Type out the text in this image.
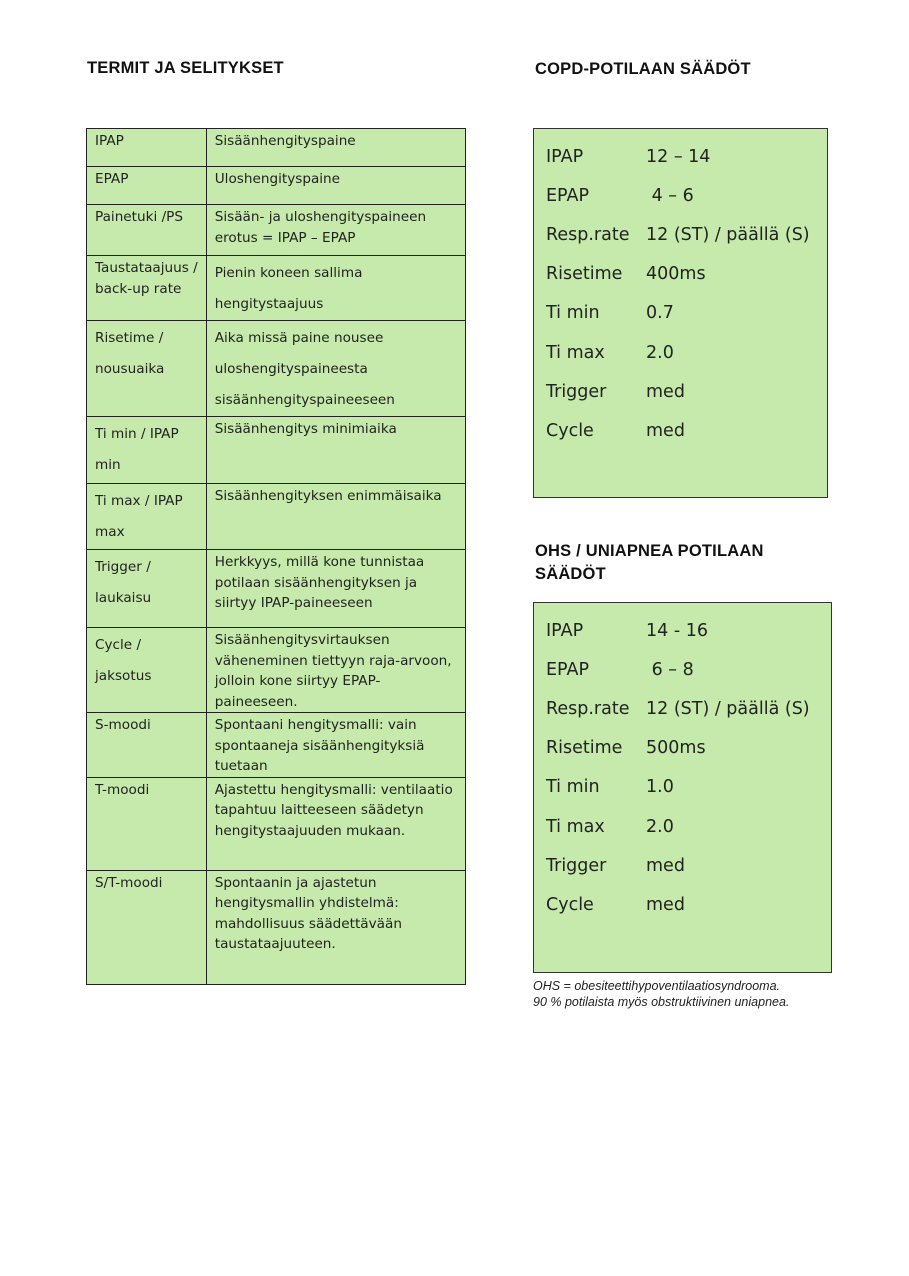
TERMIT JA SELITYKSET	COPD-POTILAAN SÄÄDÖT
OHS / UNIAPNEA POTILAAN SÄÄDÖT
IPAP	Sisäänhengityspaine
EPAP	Uloshengityspaine
Painetuki /PS	Sisään- ja uloshengityspaineen erotus = IPAP – EPAP
Taustataajuus / back-up rate	Pienin koneen sallima hengitystaajuus
Risetime / nousuaika	Aika missä paine nousee uloshengityspaineesta sisäänhengityspaineeseen
Ti min / IPAP min	Sisäänhengitys minimiaika
Ti max / IPAP max	Sisäänhengityksen enimmäisaika
Trigger / laukaisu	Herkkyys, millä kone tunnistaa potilaan sisäänhengityksen ja siirtyy IPAP-paineeseen
Cycle / jaksotus	Sisäänhengitysvirtauksen väheneminen tiettyyn raja-arvoon, jolloin kone siirtyy EPAP-paineeseen.
S-moodi	Spontaani hengitysmalli: vain spontaaneja sisäänhengityksiä tuetaan
T-moodi	Ajastettu hengitysmalli: ventilaatio tapahtuu laitteeseen säädetyn hengitystaajuuden mukaan.
S/T-moodi	Spontaanin ja ajastetun hengitysmallin yhdistelmä: mahdollisuus säädettävään taustataajuuteen.
IPAP	12 – 14
EPAP	4 – 6
Resp.rate 12 (ST) / päällä (S)
Risetime	400ms
Ti min	0.7
Ti max	2.0
Trigger	med
Cycle	med
IPAP	14 - 16
EPAP	6 – 8
Resp.rate 12 (ST) / päällä (S)
Risetime	500ms
Ti min	1.0
Ti max	2.0
Trigger	med
Cycle	med
OHS = obesiteettihypoventilaatiosyndrooma.
90 % potilaista myös obstruktiivinen uniapnea.
